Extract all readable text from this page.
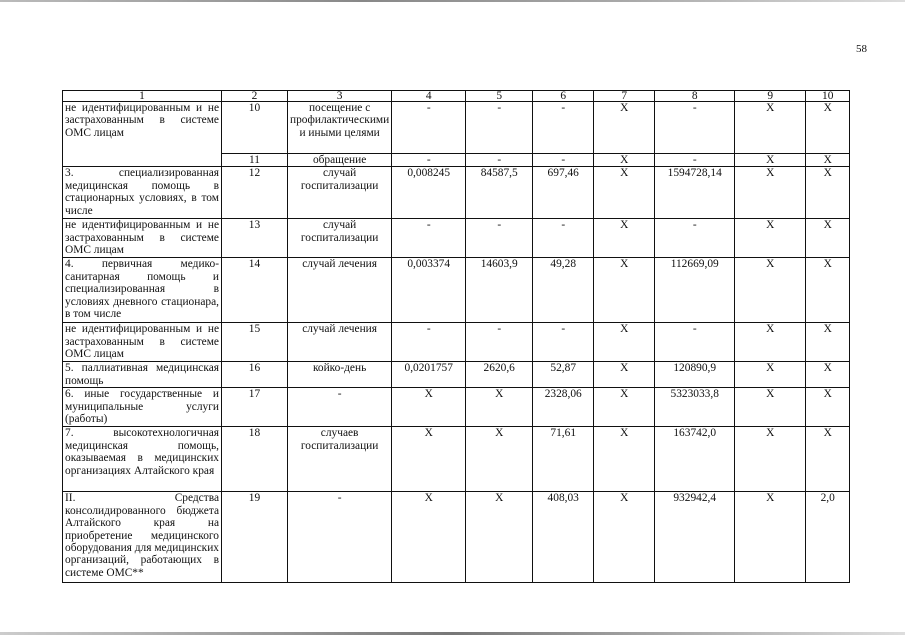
58
1	2	3	4	5	6	7	8	9	10
не идентифицированным и не застрахованным в системе ОМС лицам	10	посещение с профилактическими и иными целями	-	-	-	X	-	X	X
	11	обращение	-	-	-	X	-	X	X
3. специализированная медицинская помощь в стационарных условиях, в том числе	12	случай госпитализации	0,008245	84587,5	697,46	X	1594728,14	X	X
не идентифицированным и не застрахованным в системе ОМС лицам	13	случай госпитализации	-	-	-	X	-	X	X
4. первичная медико-санитарная помощь и специализированная в условиях дневного стационара, в том числе	14	случай лечения	0,003374	14603,9	49,28	X	112669,09	X	X
не идентифицированным и не застрахованным в системе ОМС лицам	15	случай лечения	-	-	-	X	-	X	X
5. паллиативная медицинская помощь	16	койко-день	0,0201757	2620,6	52,87	X	120890,9	X	X
6. иные государственные и муниципальные услуги (работы)	17	-	X	X	2328,06	X	5323033,8	X	X
7. высокотехнологичная медицинская помощь, оказываемая в медицинских организациях Алтайского края	18	случаев госпитализации	X	X	71,61	X	163742,0	X	X
II. Средства консолидированного бюджета Алтайского края на приобретение медицинского оборудования для медицинских организаций, работающих в системе ОМС**	19	-	X	X	408,03	X	932942,4	X	2,0
